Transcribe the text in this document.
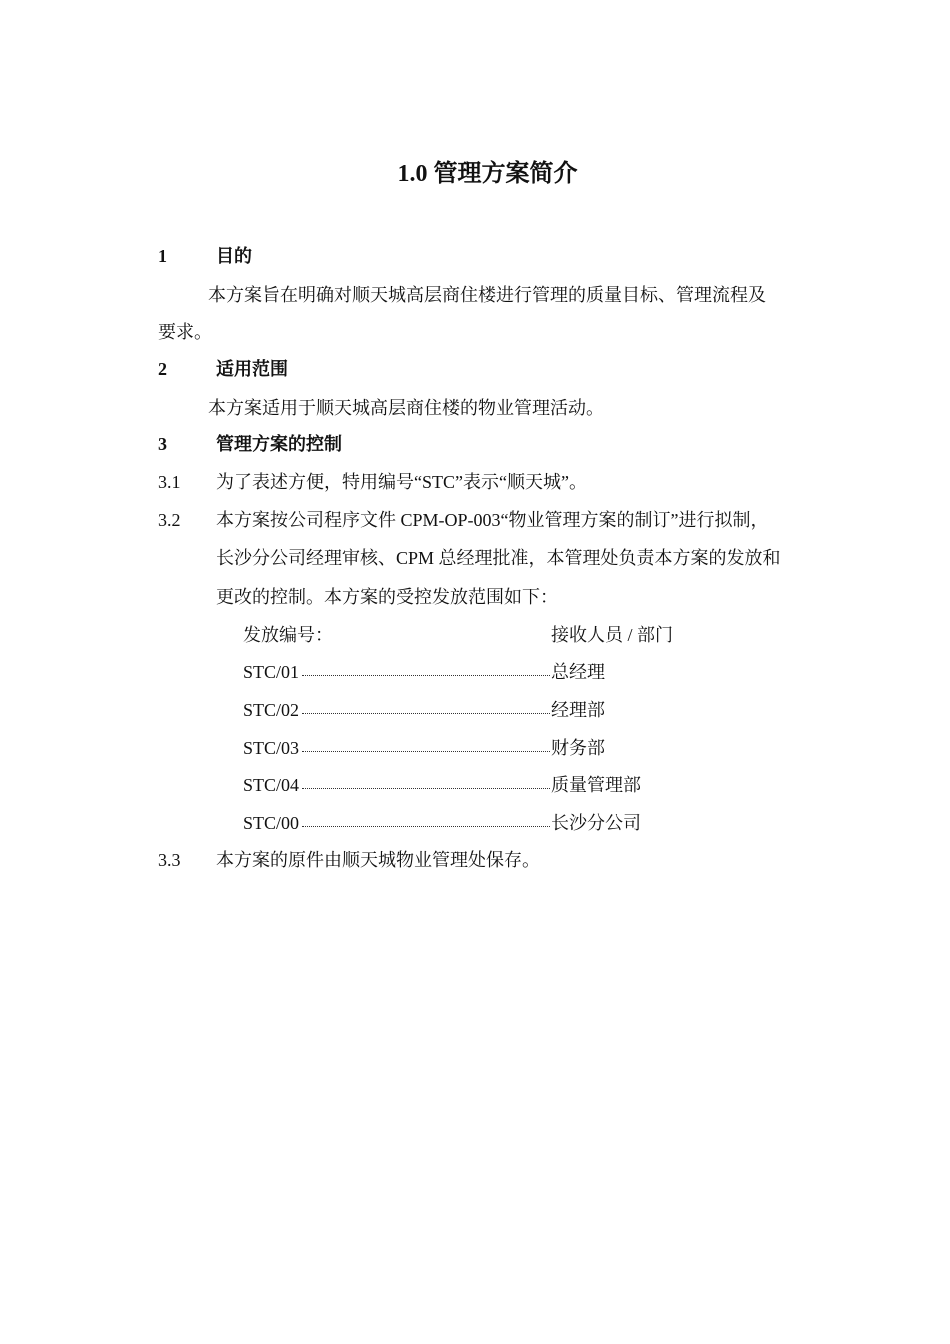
1.0 管理方案简介
1	目的
本方案旨在明确对顺天城高层商住楼进行管理的质量目标、管理流程及
要求。
2	适用范围
本方案适用于顺天城高层商住楼的物业管理活动。
3	管理方案的控制
3.1 为了表述方便，特用编号“STC”表示“顺天城”。
3.2 本方案按公司程序文件 CPM-OP-003“物业管理方案的制订”进行拟制，
长沙分公司经理审核、CPM 总经理批准，本管理处负责本方案的发放和
更改的控制。本方案的受控发放范围如下：
发放编号：	接收人员 / 部门
STC/01	总经理
STC/02	经理部
STC/03	财务部
STC/04	质量管理部
STC/00	长沙分公司
3.3 本方案的原件由顺天城物业管理处保存。
